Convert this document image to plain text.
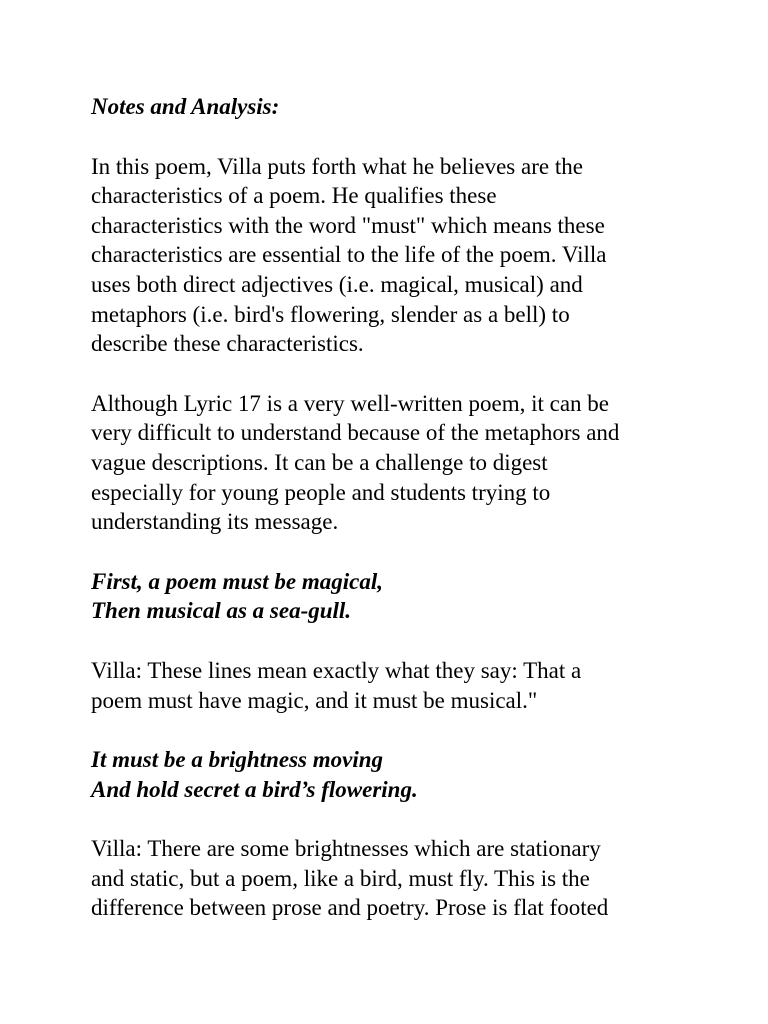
Notes and Analysis:
In this poem, Villa puts forth what he believes are the
characteristics of a poem. He qualifies these
characteristics with the word "must" which means these
characteristics are essential to the life of the poem. Villa
uses both direct adjectives (i.e. magical, musical) and
metaphors (i.e. bird's flowering, slender as a bell) to
describe these characteristics.
Although Lyric 17 is a very well-written poem, it can be
very difficult to understand because of the metaphors and
vague descriptions. It can be a challenge to digest
especially for young people and students trying to
understanding its message.
First, a poem must be magical,
Then musical as a sea-gull.
Villa: These lines mean exactly what they say: That a
poem must have magic, and it must be musical."
It must be a brightness moving
And hold secret a bird’s flowering.
Villa: There are some brightnesses which are stationary
and static, but a poem, like a bird, must fly. This is the
difference between prose and poetry. Prose is flat footed
